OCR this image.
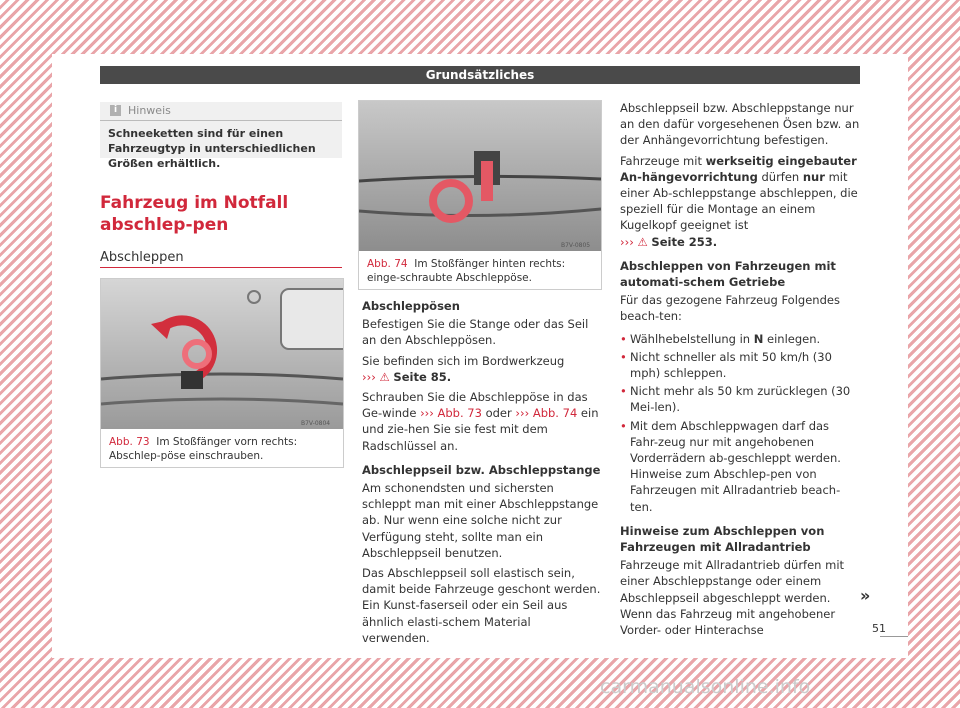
Grundsätzliches
i Hinweis
Schneeketten sind für einen Fahrzeugtyp in unterschiedlichen Größen erhältlich.
Fahrzeug im Notfall abschlep-pen
Abschleppen
B7V-0804
Abb. 73 Im Stoßfänger vorn rechts: Abschlep-pöse einschrauben.
B7V-0805
Abb. 74 Im Stoßfänger hinten rechts: einge-schraubte Abschleppöse.

Abschleppösen

Befestigen Sie die Stange oder das Seil an den Abschleppösen.

Sie befinden sich im Bordwerkzeug
››› ⚠ Seite 85.

Schrauben Sie die Abschleppöse in das Ge-winde ››› Abb. 73 oder ››› Abb. 74 ein und zie-hen Sie sie fest mit dem Radschlüssel an.

Abschleppseil bzw. Abschleppstange

Am schonendsten und sichersten schleppt man mit einer Abschleppstange ab. Nur wenn eine solche nicht zur Verfügung steht, sollte man ein Abschleppseil benutzen.

Das Abschleppseil soll elastisch sein, damit beide Fahrzeuge geschont werden. Ein Kunst-faserseil oder ein Seil aus ähnlich elasti-schem Material verwenden.

Abschleppseil bzw. Abschleppstange nur an den dafür vorgesehenen Ösen bzw. an der Anhängevorrichtung befestigen.

Fahrzeuge mit werkseitig eingebauter An-hängevorrichtung dürfen nur mit einer Ab-schleppstange abschleppen, die speziell für die Montage an einem Kugelkopf geeignet ist
››› ⚠ Seite 253.

Abschleppen von Fahrzeugen mit automati-schem Getriebe

Für das gezogene Fahrzeug Folgendes beach-ten:

• Wählhebelstellung in N einlegen.

• Nicht schneller als mit 50 km/h (30 mph) schleppen.

• Nicht mehr als 50 km zurücklegen (30 Mei-len).

• Mit dem Abschleppwagen darf das Fahr-zeug nur mit angehobenen Vorderrädern ab-geschleppt werden. Hinweise zum Abschlep-pen von Fahrzeugen mit Allradantrieb beach-ten.

Hinweise zum Abschleppen von Fahrzeugen mit Allradantrieb

Fahrzeuge mit Allradantrieb dürfen mit einer Abschleppstange oder einem Abschleppseil abgeschleppt werden. Wenn das Fahrzeug mit angehobener Vorder- oder Hinterachse

»
51
carmanualsonline.info
